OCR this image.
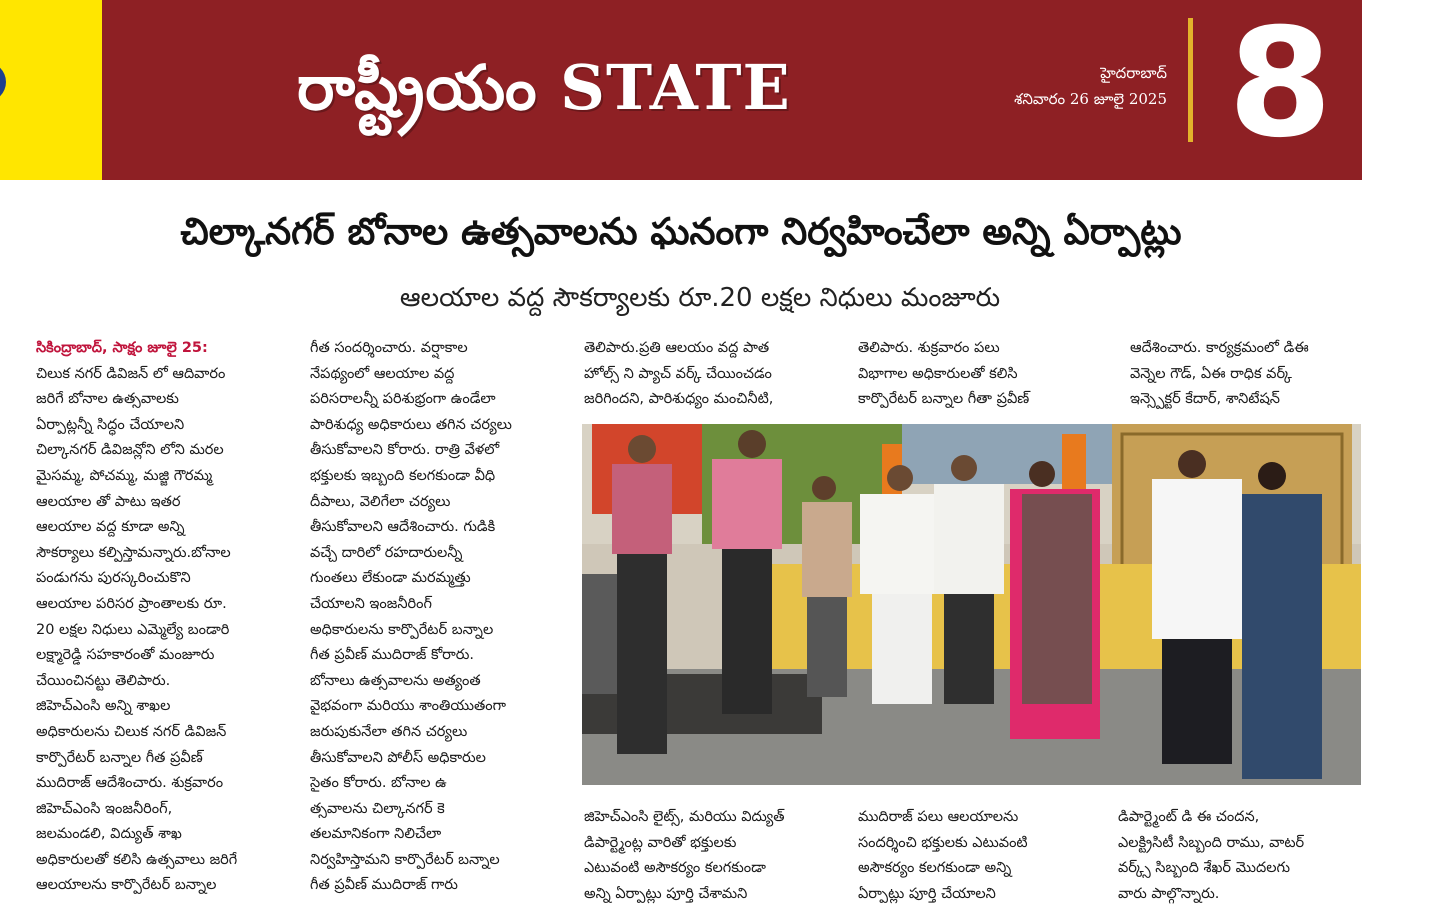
రాష్ట్రీయం STATE	హైదరాబాద్
శనివారం 26 జూలై 2025 8
చిల్కానగర్ బోనాల ఉత్సవాలను ఘనంగా నిర్వహించేలా అన్ని ఏర్పాట్లు
ఆలయాల వద్ద సౌకర్యాలకు రూ.20 లక్షల నిధులు మంజూరు
సికింద్రాబాద్, సాక్షం జూలై 25:
చిలుక నగర్ డివిజన్ లో ఆదివారం
జరిగే బోనాల ఉత్సవాలకు
ఏర్పాట్లన్నీ సిద్ధం చేయాలని
చిల్కానగర్ డివిజన్లోని లోని మరల
మైసమ్మ, పోచమ్మ, మజ్జి గౌరమ్మ
ఆలయాల తో పాటు ఇతర
ఆలయాల వద్ద కూడా అన్ని
సౌకర్యాలు కల్పిస్తామన్నారు.బోనాల
పండుగను పురస్కరించుకొని
ఆలయాల పరిసర ప్రాంతాలకు రూ.
20 లక్షల నిధులు ఎమ్మెల్యే బండారి
లక్ష్మారెడ్డి సహకారంతో మంజూరు
చేయించినట్టు తెలిపారు.
జిహెచ్ఎంసి అన్ని శాఖల
అధికారులను చిలుక నగర్ డివిజన్
కార్పొరేటర్ బన్నాల గీత ప్రవీణ్
ముదిరాజ్ ఆదేశించారు. శుక్రవారం
జిహెచ్ఎంసి ఇంజనీరింగ్,
జలమండలి, విద్యుత్ శాఖ
అధికారులతో కలిసి ఉత్సవాలు జరిగే
ఆలయాలను కార్పొరేటర్ బన్నాల
గీత సందర్శించారు. వర్షాకాల
నేపథ్యంలో ఆలయాల వద్ద
పరిసరాలన్నీ పరిశుభ్రంగా ఉండేలా
పారిశుధ్య అధికారులు తగిన చర్యలు
తీసుకోవాలని కోరారు. రాత్రి వేళలో
భక్తులకు ఇబ్బంది కలగకుండా వీధి
దీపాలు, వెలిగేలా చర్యలు
తీసుకోవాలని ఆదేశించారు. గుడికి
వచ్చే దారిలో రహదారులన్నీ
గుంతలు లేకుండా మరమ్మత్తు
చేయాలని ఇంజనీరింగ్
అధికారులను కార్పొరేటర్ బన్నాల
గీత ప్రవీణ్ ముదిరాజ్ కోరారు.
బోనాలు ఉత్సవాలను అత్యంత
వైభవంగా మరియు శాంతియుతంగా
జరుపుకునేలా తగిన చర్యలు
తీసుకోవాలని పోలీస్ అధికారుల
సైతం కోరారు. బోనాల ఉ
త్సవాలను చిల్కానగర్ కె
తలమానికంగా నిలిచేలా
నిర్వహిస్తామని కార్పొరేటర్ బన్నాల
గీత ప్రవీణ్ ముదిరాజ్ గారు
తెలిపారు.ప్రతి ఆలయం వద్ద పాత
హోల్స్ ని ప్యాచ్ వర్క్ చేయించడం
జరిగిందని, పారిశుధ్యం మంచినీటి,
తెలిపారు. శుక్రవారం పలు
విభాగాల అధికారులతో కలిసి
కార్పొరేటర్ బన్నాల గీతా ప్రవీణ్
ఆదేశించారు. కార్యక్రమంలో డిఈ
వెన్నెల గౌడ్, ఏఈ రాధిక వర్క్
ఇన్స్పెక్టర్ కేదార్, శానిటేషన్
జిహెచ్ఎంసి లైట్స్, మరియు విద్యుత్
డిపార్ట్మెంట్ల వారితో భక్తులకు
ఎటువంటి అసౌకర్యం కలగకుండా
అన్ని ఏర్పాట్లు పూర్తి చేశామని
ముదిరాజ్ పలు ఆలయాలను
సందర్శించి భక్తులకు ఎటువంటి
అసౌకర్యం కలగకుండా అన్ని
ఏర్పాట్లు పూర్తి చేయాలని
డిపార్ట్మెంట్ డి ఈ చందన,
ఎలక్ట్రిసిటీ సిబ్బంది రాము, వాటర్
వర్క్స్ సిబ్బంది శేఖర్ మొదలగు
వారు పాల్గొన్నారు.
